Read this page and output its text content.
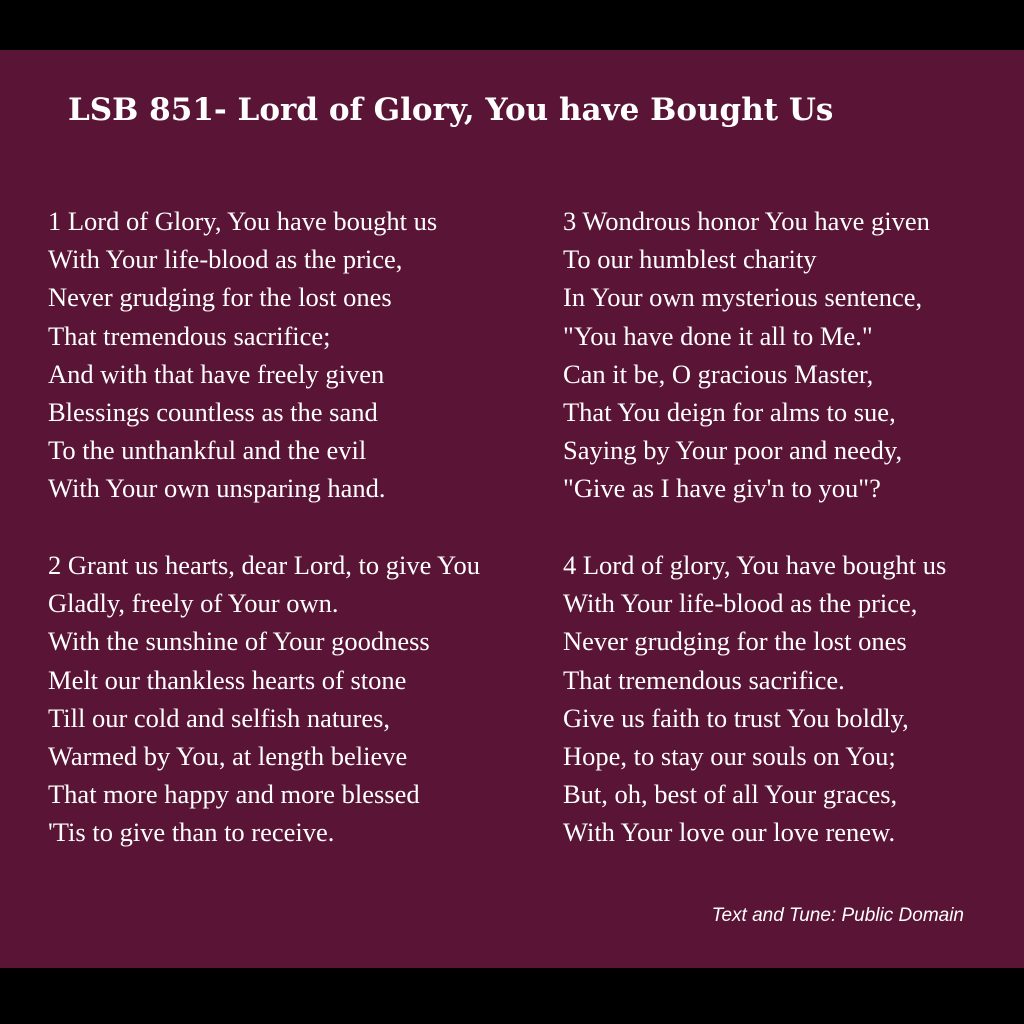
LSB 851- Lord of Glory, You have Bought Us
1 Lord of Glory, You have bought us
With Your life-blood as the price,
Never grudging for the lost ones
That tremendous sacrifice;
And with that have freely given
Blessings countless as the sand
To the unthankful and the evil
With Your own unsparing hand.
2 Grant us hearts, dear Lord, to give You
Gladly, freely of Your own.
With the sunshine of Your goodness
Melt our thankless hearts of stone
Till our cold and selfish natures,
Warmed by You, at length believe
That more happy and more blessed
'Tis to give than to receive.
3 Wondrous honor You have given
To our humblest charity
In Your own mysterious sentence,
"You have done it all to Me."
Can it be, O gracious Master,
That You deign for alms to sue,
Saying by Your poor and needy,
"Give as I have giv'n to you"?
4 Lord of glory, You have bought us
With Your life-blood as the price,
Never grudging for the lost ones
That tremendous sacrifice.
Give us faith to trust You boldly,
Hope, to stay our souls on You;
But, oh, best of all Your graces,
With Your love our love renew.
Text and Tune: Public Domain
